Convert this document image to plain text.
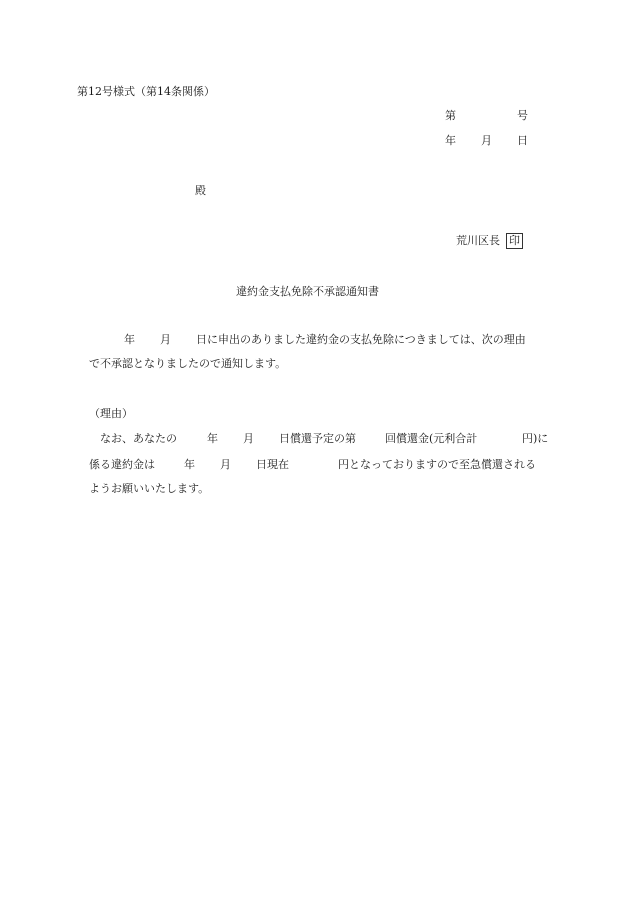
第12号様式（第14条関係）
第	号
年 月 日
殿
荒川区長 印
違約金支払免除不承認通知書
年 月 日に申出のありました違約金の支払免除につきましては、次の理由
で不承認となりましたので通知します。
（理由）
なお、あなたの	年 月 日償還予定の第	回償還金(元利合計	円)に
係る違約金は	年 月 日現在	円となっておりますので至急償還される
ようお願いいたします。
